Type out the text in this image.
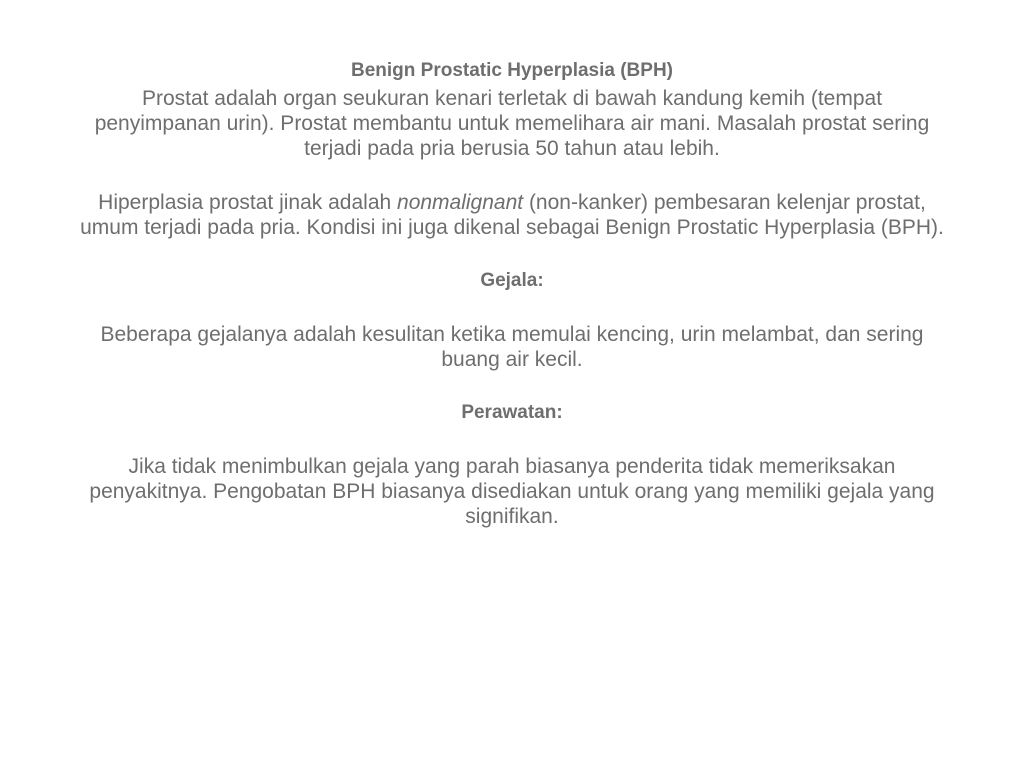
Benign Prostatic Hyperplasia (BPH)

Prostat adalah organ seukuran kenari terletak di bawah kandung kemih (tempat penyimpanan urin). Prostat membantu untuk memelihara air mani. Masalah prostat sering terjadi pada pria berusia 50 tahun atau lebih.

Hiperplasia prostat jinak adalah nonmalignant (non-kanker) pembesaran kelenjar prostat, umum terjadi pada pria. Kondisi ini juga dikenal sebagai Benign Prostatic Hyperplasia (BPH).

Gejala:

Beberapa gejalanya adalah kesulitan ketika memulai kencing, urin melambat, dan sering buang air kecil.

Perawatan:

Jika tidak menimbulkan gejala yang parah biasanya penderita tidak memeriksakan penyakitnya. Pengobatan BPH biasanya disediakan untuk orang yang memiliki gejala yang signifikan.
